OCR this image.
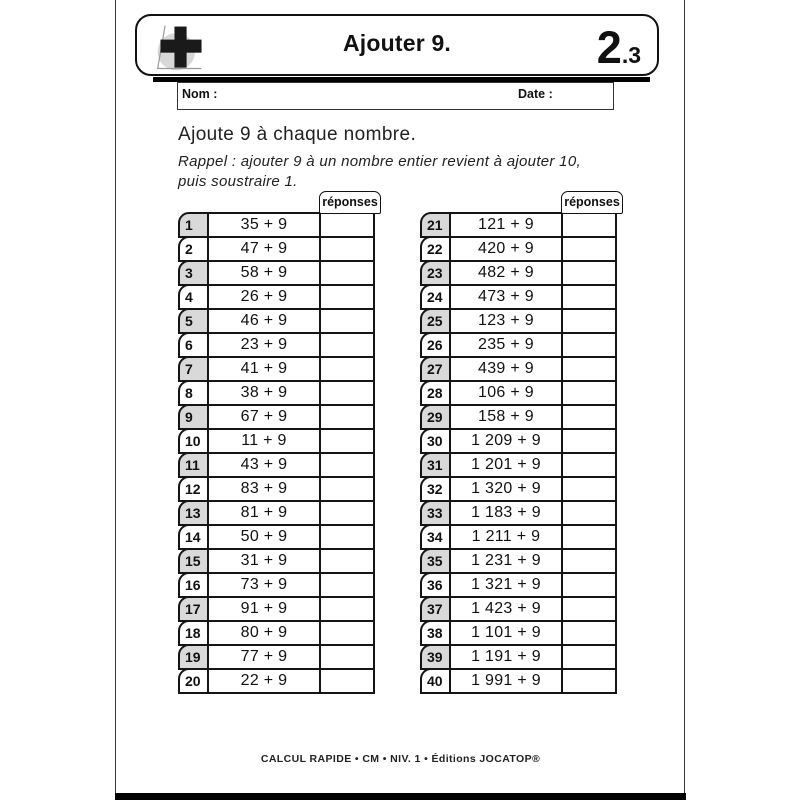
Ajouter 9.	2 .3
Nom :	Date :
Ajoute 9 à chaque nombre.
Rappel : ajouter 9 à un nombre entier revient à ajouter 10,
puis soustraire 1.
réponses	réponses
1	35 + 9
2	47 + 9
3	58 + 9
4	26 + 9
5	46 + 9
6	23 + 9
7	41 + 9
8	38 + 9
9	67 + 9
10	11 + 9
11	43 + 9
12	83 + 9
13	81 + 9
14	50 + 9
15	31 + 9
16	73 + 9
17	91 + 9
18	80 + 9
19	77 + 9
20	22 + 9
21	121 + 9
22	420 + 9
23	482 + 9
24	473 + 9
25	123 + 9
26	235 + 9
27	439 + 9
28	106 + 9
29	158 + 9
30	1 209 + 9
31	1 201 + 9
32	1 320 + 9
33	1 183 + 9
34	1 211 + 9
35	1 231 + 9
36	1 321 + 9
37	1 423 + 9
38	1 101 + 9
39	1 191 + 9
40	1 991 + 9
CALCUL RAPIDE • CM • NIV. 1 • Éditions JOCATOP®
